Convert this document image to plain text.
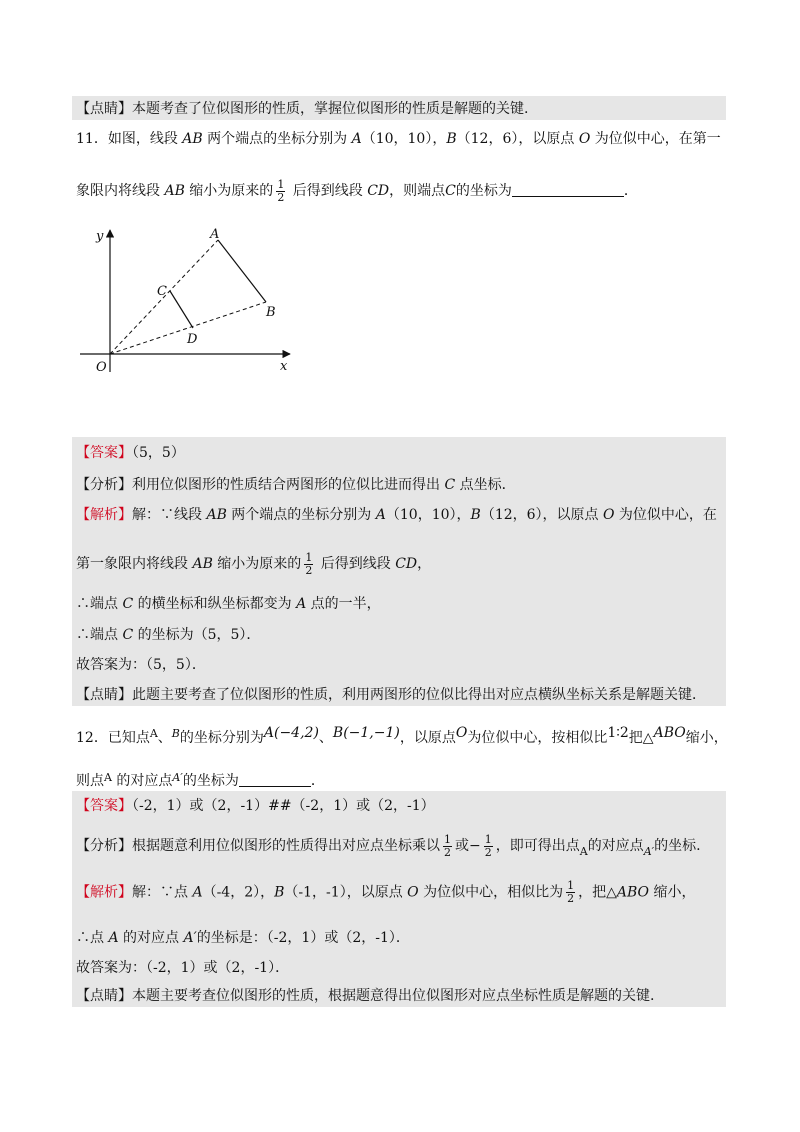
【点睛】本题考查了位似图形的性质，掌握位似图形的性质是解题的关键.
11．如图，线段 AB 两个端点的坐标分别为 A（10，10），B（12，6），以原点 O 为位似中心，在第一
象限内将线段 AB 缩小为原来的 $\frac{1}{2}$ 后得到线段 CD，则端点C的坐标为	．
y
x
O
A
B
C
D
【答案】（5，5）
【分析】利用位似图形的性质结合两图形的位似比进而得出 C 点坐标．
【解析】解：∵线段 AB 两个端点的坐标分别为 A（10，10），B（12，6），以原点 O 为位似中心，在
第一象限内将线段 AB 缩小为原来的 $\frac{1}{2}$ 后得到线段 CD，
∴端点 C 的横坐标和纵坐标都变为 A 点的一半，
∴端点 C 的坐标为（5，5）．
故答案为：（5，5）．
【点睛】此题主要考查了位似图形的性质，利用两图形的位似比得出对应点横纵坐标关系是解题关键．
12．已知点$^A$、$^B$的坐标分别为A(−4,2)、B(−1,−1)，以原点O为位似中心，按相似比1∶2把△ABO缩小，
则点$^A$ 的对应点$^{A'}$的坐标为	．
【答案】（-2，1）或（2，-1）##（-2，1）或（2，-1）
【分析】根据题意利用位似图形的性质得出对应点坐标乘以 $\frac{1}{2}$ 或− $\frac{1}{2}$ ，即可得出点$_A$的对应点$_{A'}$的坐标.
【解析】解：∵点 A（-4，2），B（-1，-1），以原点 O 为位似中心，相似比为 $\frac{1}{2}$ ，把△ABO 缩小，
∴点 A 的对应点 A′的坐标是：（-2，1）或（2，-1）．
故答案为：（-2，1）或（2，-1）．
【点睛】本题主要考查位似图形的性质，根据题意得出位似图形对应点坐标性质是解题的关键.
